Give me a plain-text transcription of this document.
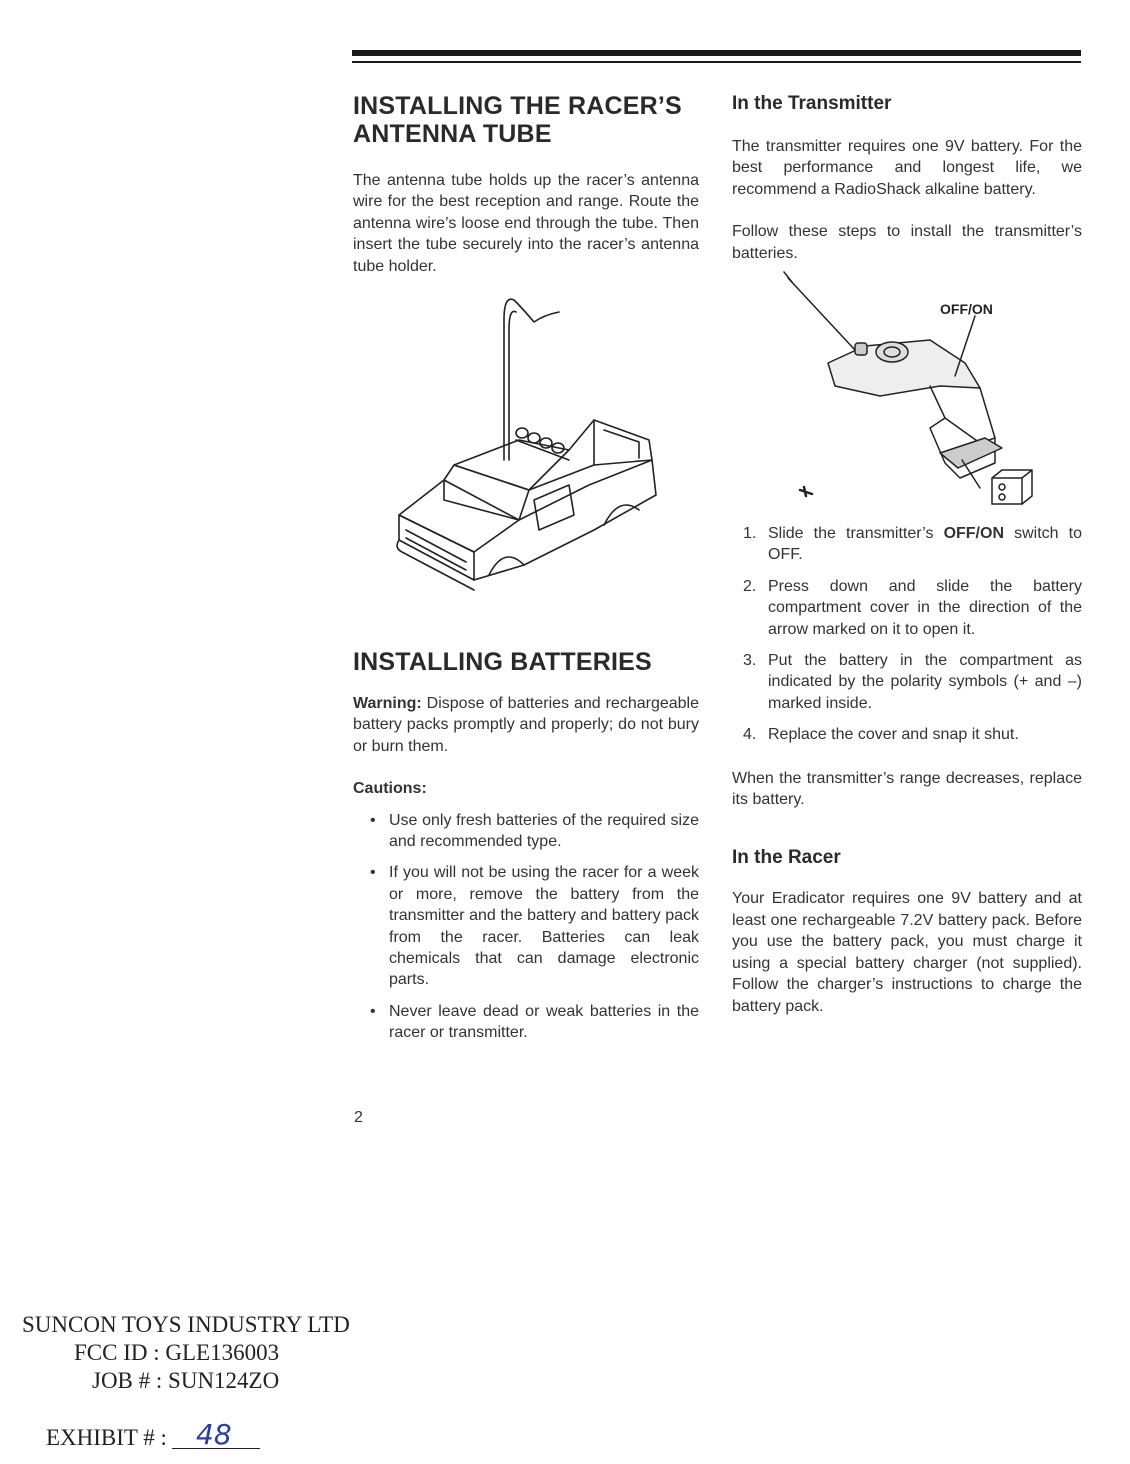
INSTALLING THE RACER’S
ANTENNA TUBE

The antenna tube holds up the racer’s antenna wire for the best reception and range. Route the antenna wire’s loose end through the tube. Then insert the tube securely into the racer’s antenna tube holder.

INSTALLING BATTERIES

Warning: Dispose of batteries and rechargeable battery packs promptly and properly; do not bury or burn them.

Cautions:

• Use only fresh batteries of the required size and recommended type.
• If you will not be using the racer for a week or more, remove the battery from the transmitter and the battery and battery pack from the racer. Batteries can leak chemicals that can damage electronic parts.
• Never leave dead or weak batteries in the racer or transmitter.
In the Transmitter

The transmitter requires one 9V battery. For the best performance and longest life, we recommend a RadioShack alkaline battery.

Follow these steps to install the transmitter’s batteries.

OFF/ON
1. Slide the transmitter’s OFF/ON switch to OFF.
2. Press down and slide the battery compartment cover in the direction of the arrow marked on it to open it.
3. Put the battery in the compartment as indicated by the polarity symbols (+ and –) marked inside.
4. Replace the cover and snap it shut.

When the transmitter’s range decreases, replace its battery.

In the Racer

Your Eradicator requires one 9V battery and at least one rechargeable 7.2V battery pack. Before you use the battery pack, you must charge it using a special battery charger (not supplied). Follow the charger’s instructions to charge the battery pack.

2
SUNCON TOYS INDUSTRY LTD
FCC ID : GLE136003
JOB # : SUN124ZO
EXHIBIT # : 48
